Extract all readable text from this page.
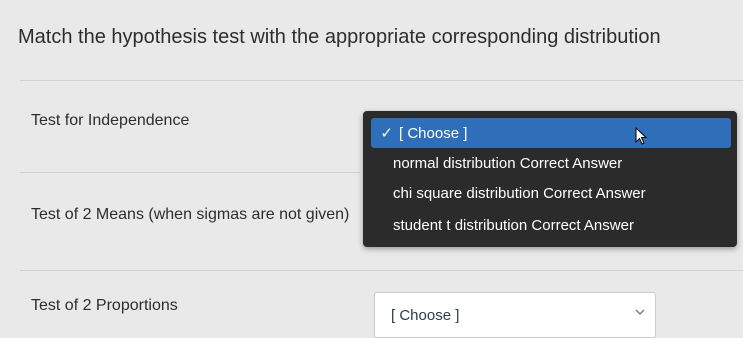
Match the hypothesis test with the appropriate corresponding distribution
Test for Independence
Test of 2 Means (when sigmas are not given)
Test of 2 Proportions
✓ [ Choose ]
normal distribution Correct Answer
chi square distribution Correct Answer
student t distribution Correct Answer
[ Choose ]
